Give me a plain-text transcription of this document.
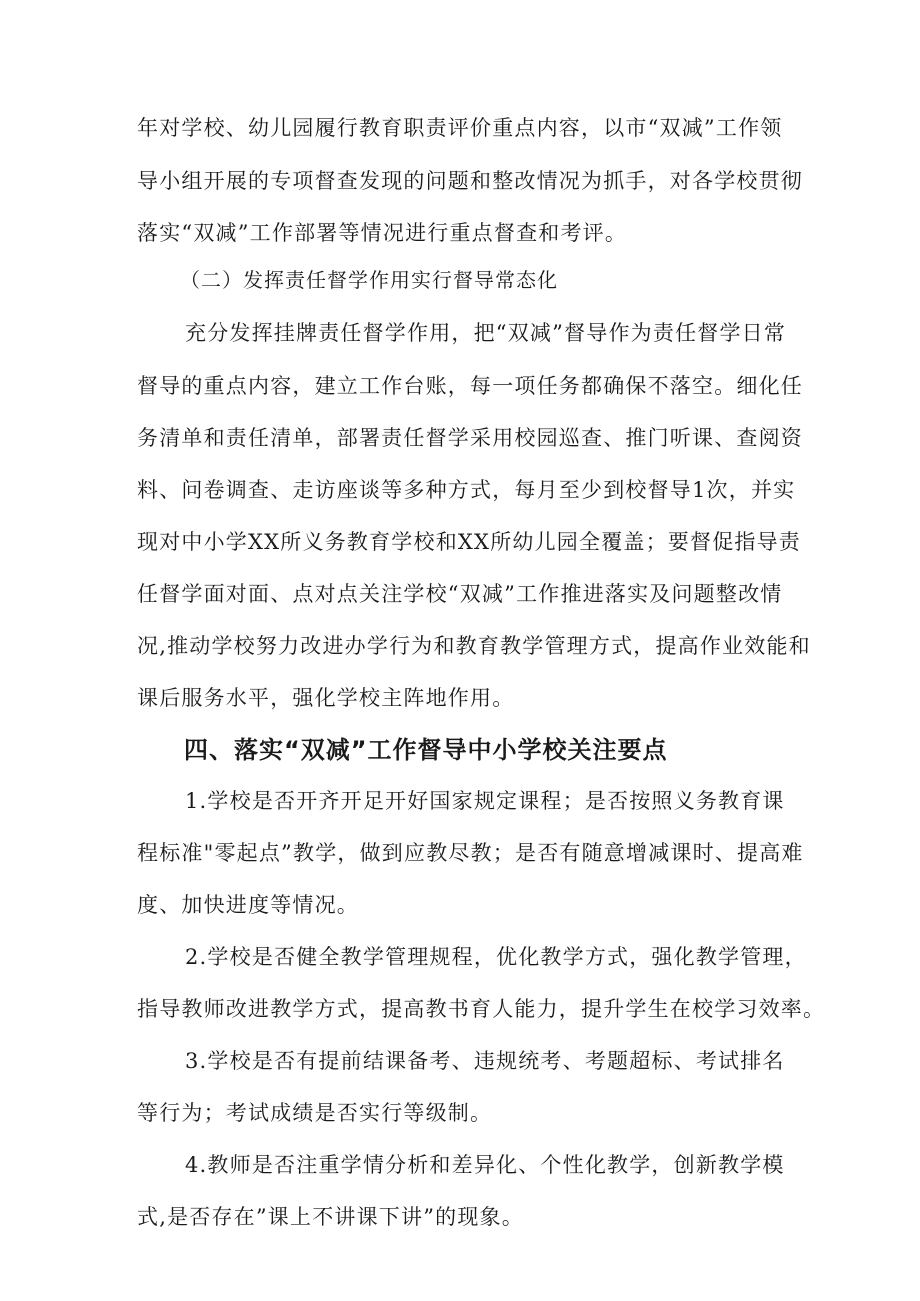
年对学校、幼儿园履行教育职责评价重点内容，以市“双减”工作领
导小组开展的专项督查发现的问题和整改情况为抓手，对各学校贯彻
落实“双减”工作部署等情况进行重点督查和考评。
（二）发挥责任督学作用实行督导常态化
充分发挥挂牌责任督学作用，把“双减”督导作为责任督学日常
督导的重点内容，建立工作台账，每一项任务都确保不落空。细化任
务清单和责任清单，部署责任督学采用校园巡查、推门听课、查阅资
料、问卷调查、走访座谈等多种方式，每月至少到校督导1次，并实
现对中小学XX所义务教育学校和XX所幼儿园全覆盖；要督促指导责
任督学面对面、点对点关注学校“双减”工作推进落实及问题整改情
况,推动学校努力改进办学行为和教育教学管理方式，提高作业效能和
课后服务水平，强化学校主阵地作用。
四、落实“双减”工作督导中小学校关注要点
1.学校是否开齐开足开好国家规定课程；是否按照义务教育课
程标准"零起点”教学，做到应教尽教；是否有随意增减课时、提高难
度、加快进度等情况。
2.学校是否健全教学管理规程，优化教学方式，强化教学管理，
指导教师改进教学方式，提高教书育人能力，提升学生在校学习效率。
3.学校是否有提前结课备考、违规统考、考题超标、考试排名
等行为；考试成绩是否实行等级制。
4.教师是否注重学情分析和差异化、个性化教学，创新教学模
式,是否存在”课上不讲课下讲”的现象。
